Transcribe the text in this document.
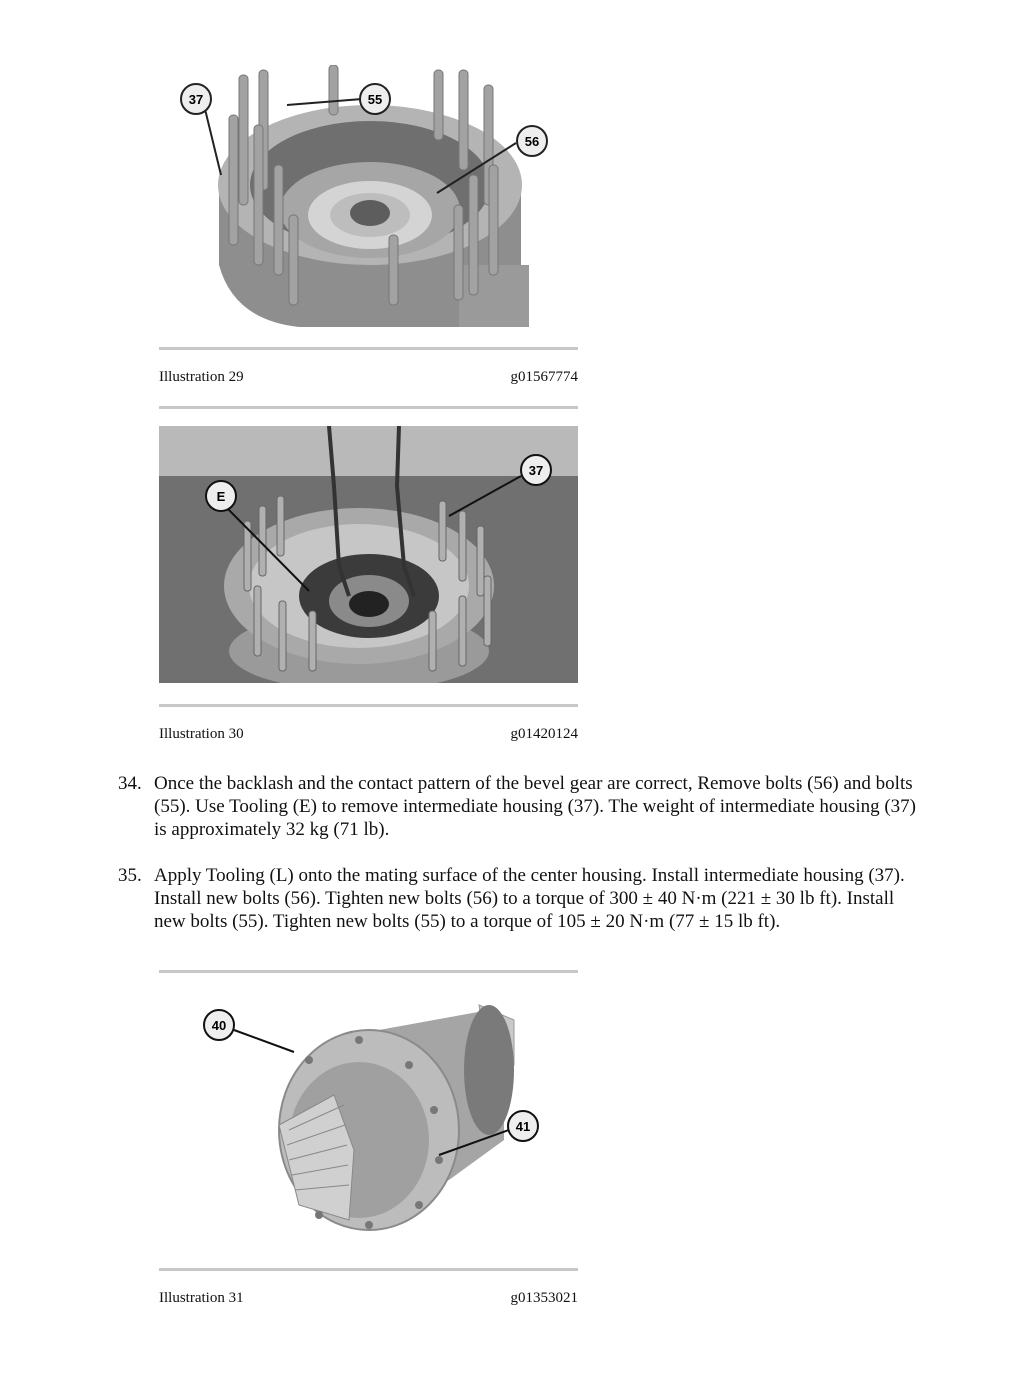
37	55
56
Illustration 29	g01567774
E
37
Illustration 30	g01420124
34. Once the backlash and the contact pattern of the bevel gear are correct, Remove bolts (56) and bolts (55). Use Tooling (E) to remove intermediate housing (37). The weight of intermediate housing (37) is approximately 32 kg (71 lb).
35. Apply Tooling (L) onto the mating surface of the center housing. Install intermediate housing (37). Install new bolts (56). Tighten new bolts (56) to a torque of 300 ± 40 N·m (221 ± 30 lb ft). Install new bolts (55). Tighten new bolts (55) to a torque of 105 ± 20 N·m (77 ± 15 lb ft).
40
41
Illustration 31	g01353021
